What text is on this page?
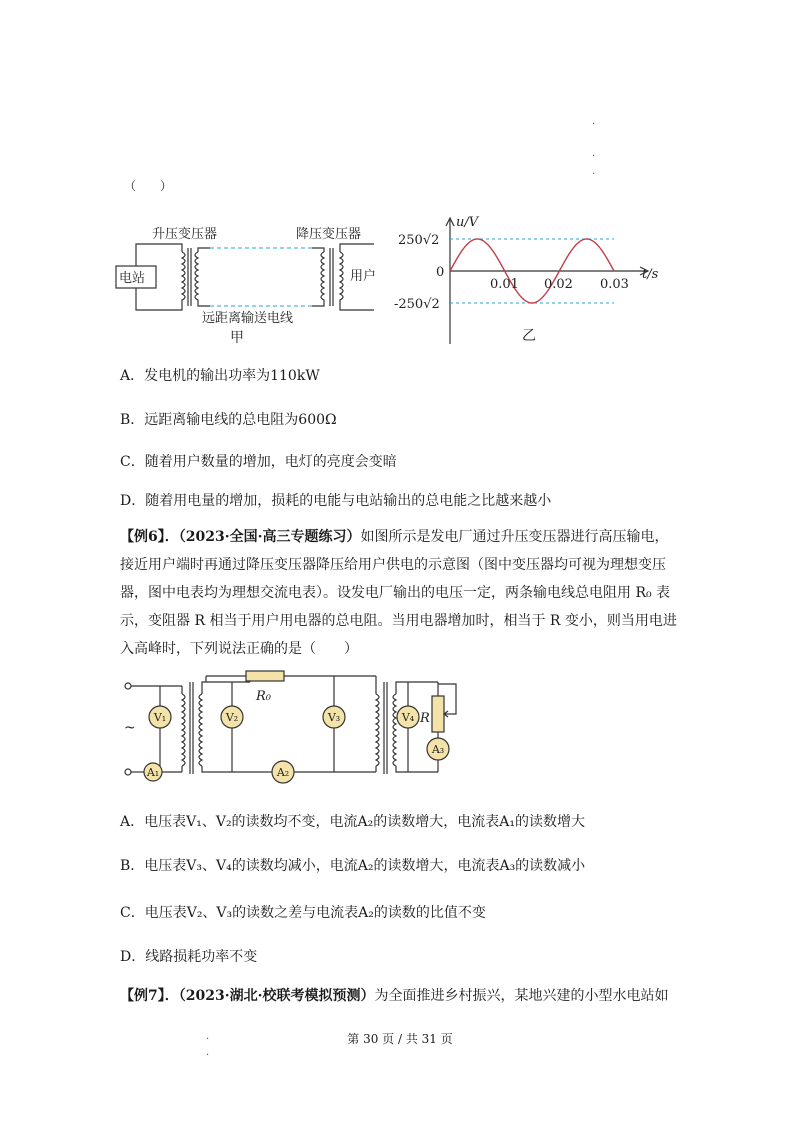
.
.
.
（　　）
升压变压器	降压变压器
电站	用户
远距离输送电线
甲
u/V
t/s
250√2
0
-250√2
0.01 0.02 0.03
乙
A．发电机的输出功率为110kW
B．远距离输电线的总电阻为600Ω
C．随着用户数量的增加，电灯的亮度会变暗
D．随着用电量的增加，损耗的电能与电站输出的总电能之比越来越小
【例6】．（2023·全国·高三专题练习）如图所示是发电厂通过升压变压器进行高压输电，
接近用户端时再通过降压变压器降压给用户供电的示意图（图中变压器均可视为理想变压
器，图中电表均为理想交流电表）。设发电厂输出的电压一定，两条输电线总电阻用 R₀ 表
示，变阻器 R 相当于用户用电器的总电阻。当用电器增加时，相当于 R 变小，则当用电进
入高峰时，下列说法正确的是（　　）
V₁	V₂	V₃	V₄
A₁	A₂
A₃
~
R₀
R
A．电压表V₁、V₂的读数均不变，电流A₂的读数增大，电流表A₁的读数增大
B．电压表V₃、V₄的读数均减小，电流A₂的读数增大，电流表A₃的读数减小
C．电压表V₂、V₃的读数之差与电流表A₂的读数的比值不变
D．线路损耗功率不变
【例7】．（2023·湖北·校联考模拟预测）为全面推进乡村振兴，某地兴建的小型水电站如
·
·
第 30 页 / 共 31 页
